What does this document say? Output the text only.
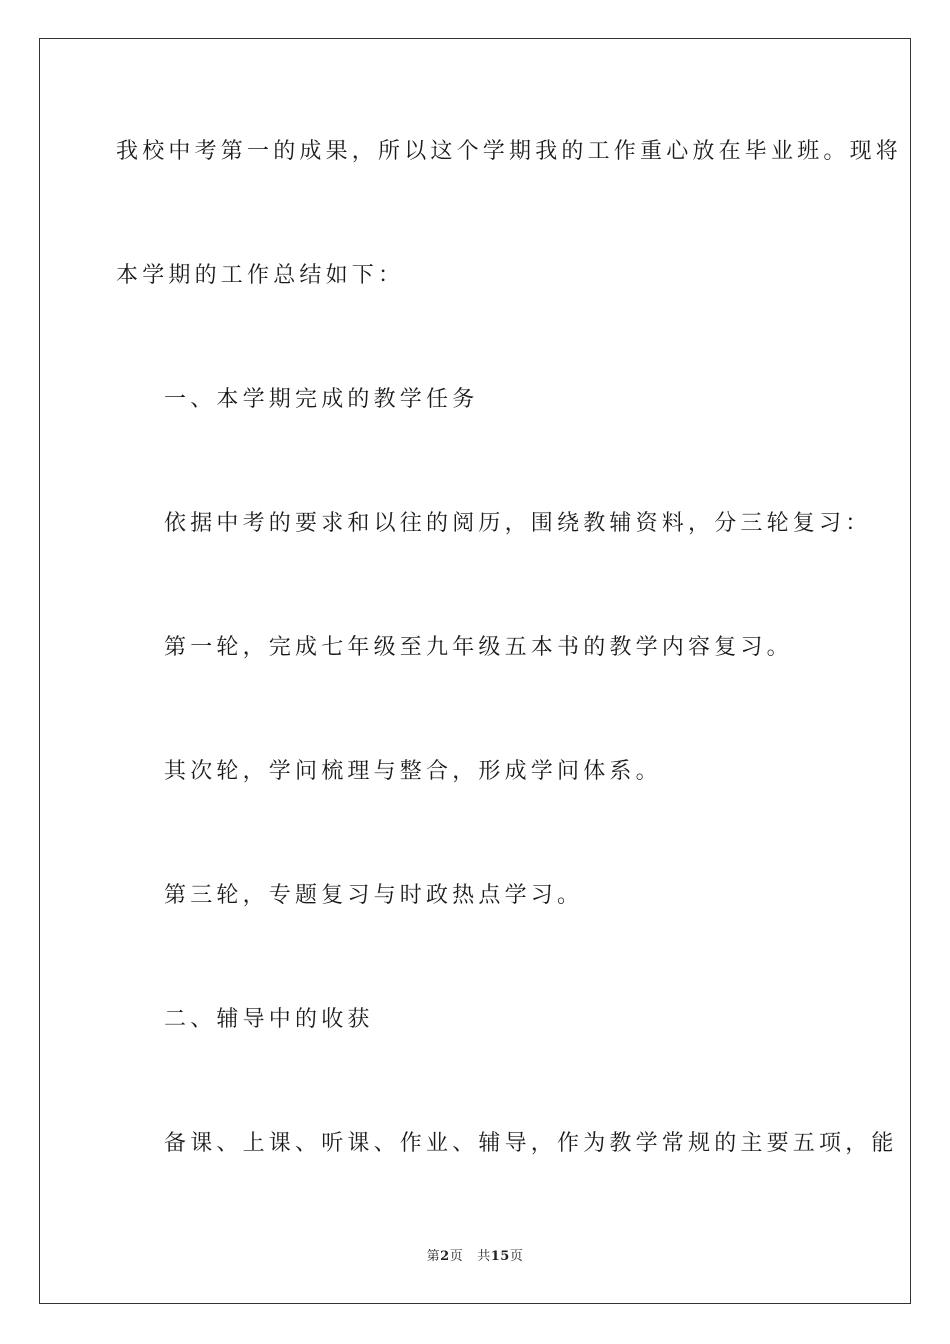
我校中考第一的成果，所以这个学期我的工作重心放在毕业班。现将

本学期的工作总结如下：

一、本学期完成的教学任务

依据中考的要求和以往的阅历，围绕教辅资料，分三轮复习：

第一轮，完成七年级至九年级五本书的教学内容复习。

其次轮，学问梳理与整合，形成学问体系。

第三轮，专题复习与时政热点学习。

二、辅导中的收获

备课、上课、听课、作业、辅导，作为教学常规的主要五项，能

第2页 共15页
